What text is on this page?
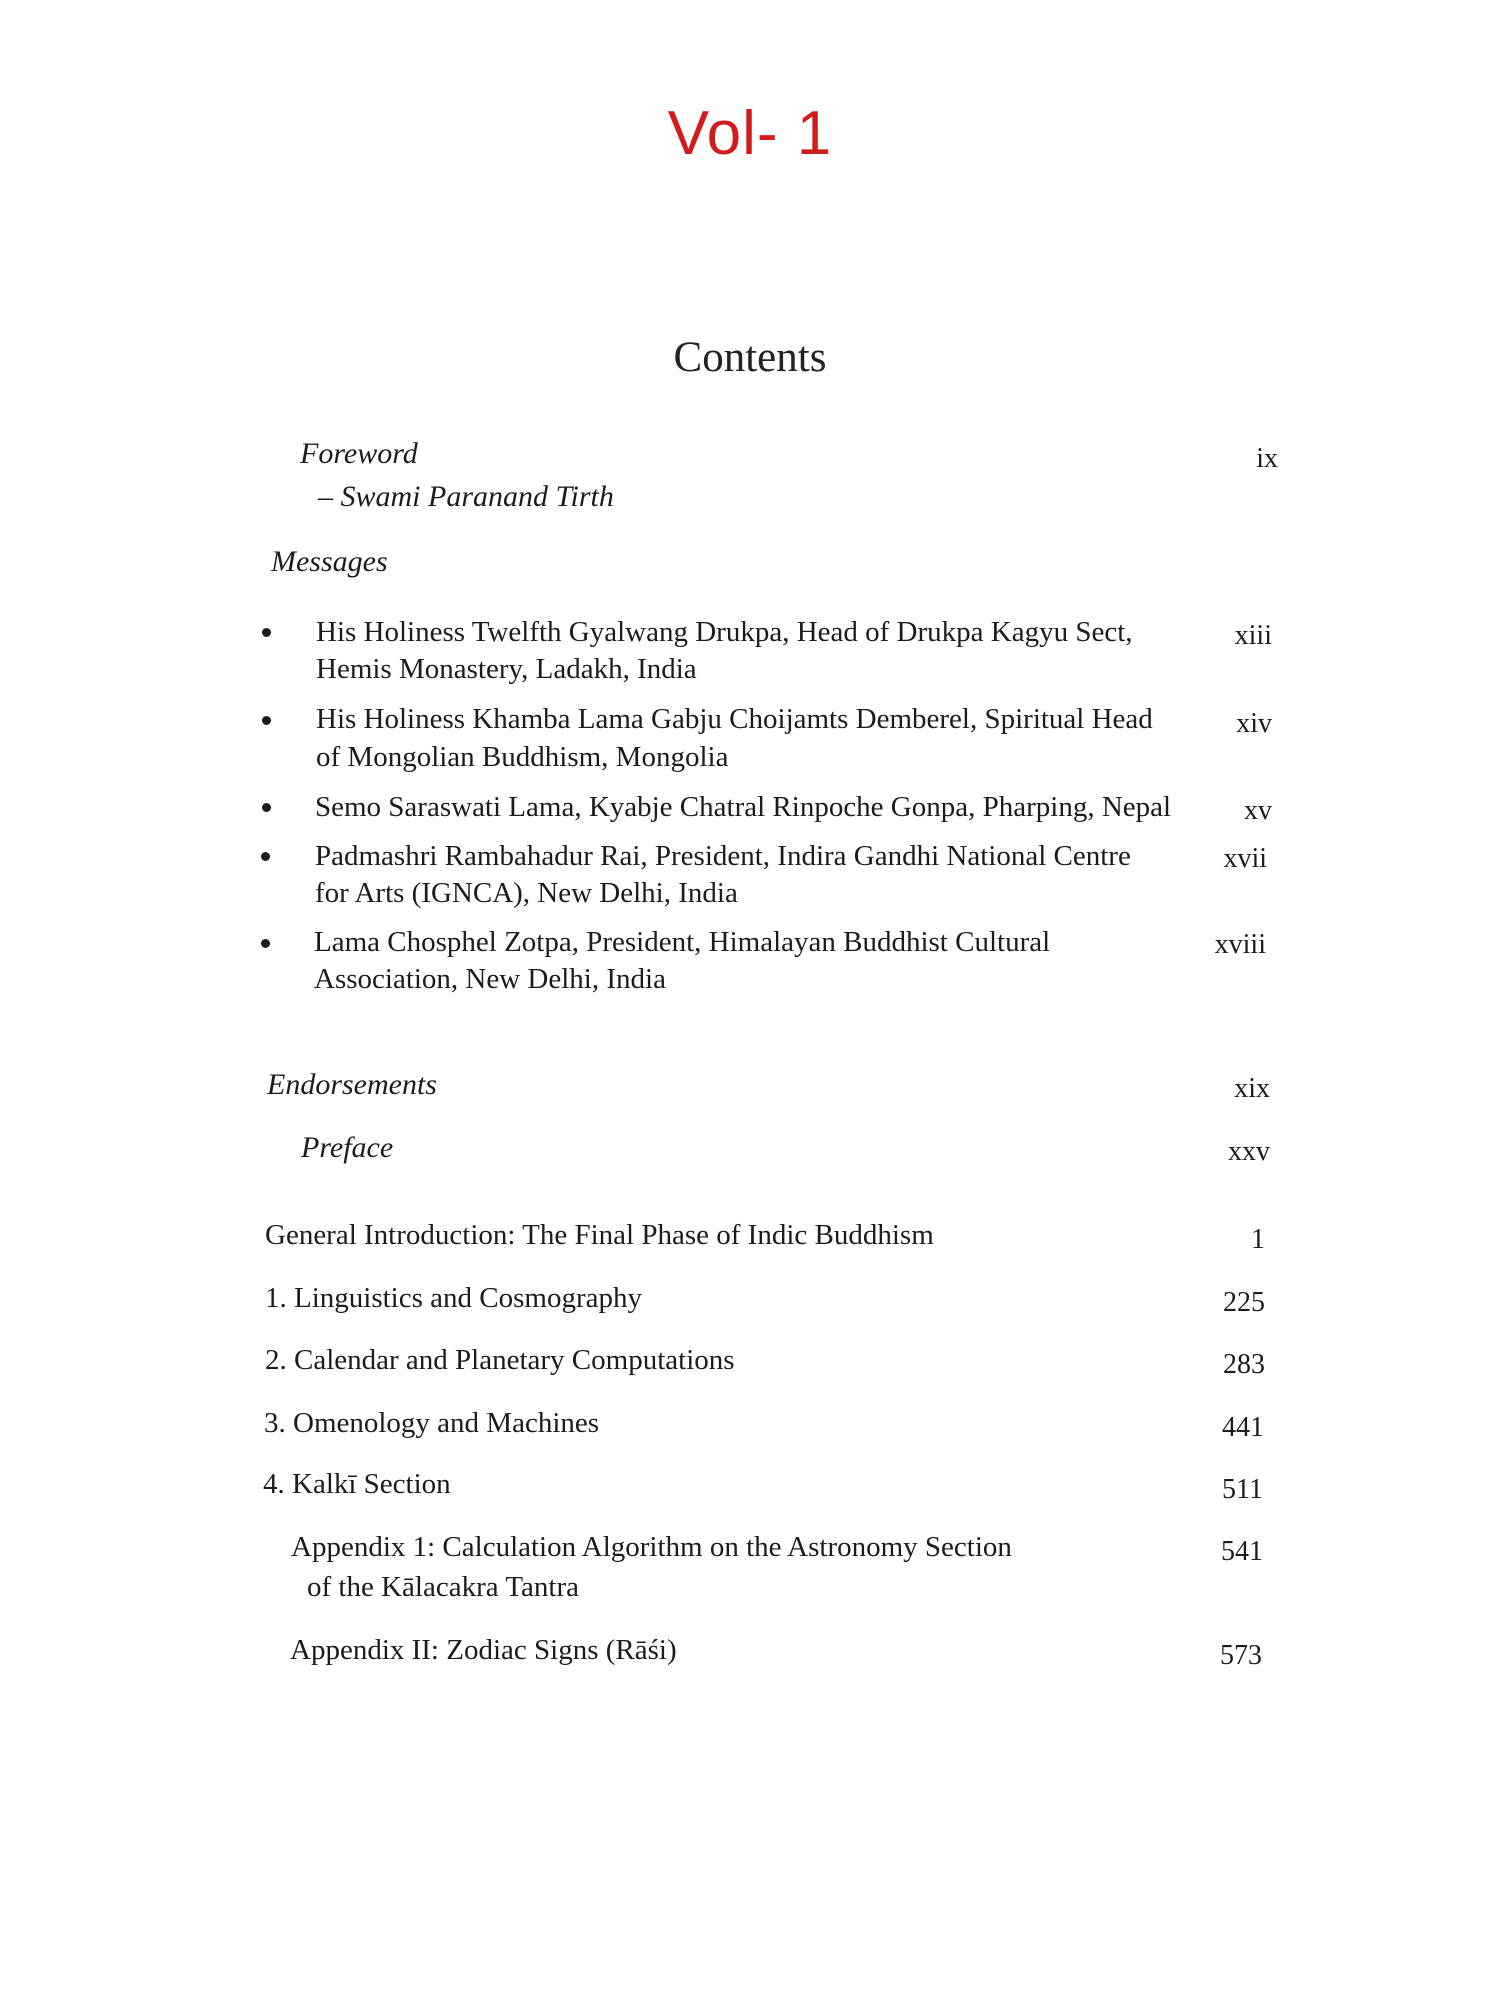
Vol- 1
Contents
Foreword
– Swami Paranand Tirth
ix
Messages
His Holiness Twelfth Gyalwang Drukpa, Head of Drukpa Kagyu Sect,
Hemis Monastery, Ladakh, India
xiii
His Holiness Khamba Lama Gabju Choijamts Demberel, Spiritual Head
of Mongolian Buddhism, Mongolia
xiv
Semo Saraswati Lama, Kyabje Chatral Rinpoche Gonpa, Pharping, Nepal	xv
Padmashri Rambahadur Rai, President, Indira Gandhi National Centre
for Arts (IGNCA), New Delhi, India
xvii
Lama Chosphel Zotpa, President, Himalayan Buddhist Cultural
Association, New Delhi, India
xviii
Endorsements	xix
Preface	xxv
General Introduction: The Final Phase of Indic Buddhism	1
1. Linguistics and Cosmography	225
2. Calendar and Planetary Computations	283
3. Omenology and Machines	441
4. Kalkī Section	511
Appendix 1: Calculation Algorithm on the Astronomy Section
of the Kālacakra Tantra
541
Appendix II: Zodiac Signs (Rāśi)	573
